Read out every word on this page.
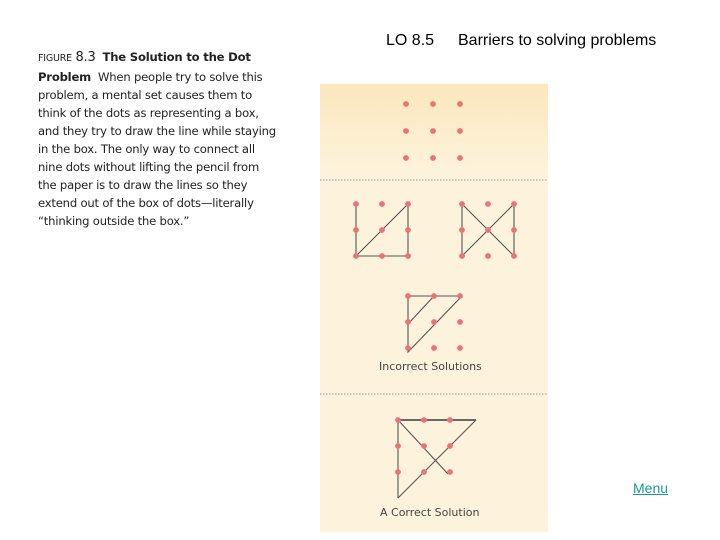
LO 8.5 Barriers to solving problems
FIGURE 8.3 The Solution to the Dot Problem When people try to solve this problem, a mental set causes them to think of the dots as representing a box, and they try to draw the line while staying in the box. The only way to connect all nine dots without lifting the pencil from the paper is to draw the lines so they extend out of the box of dots—literally “thinking outside the box.”
Incorrect Solutions
A Correct Solution
Menu
